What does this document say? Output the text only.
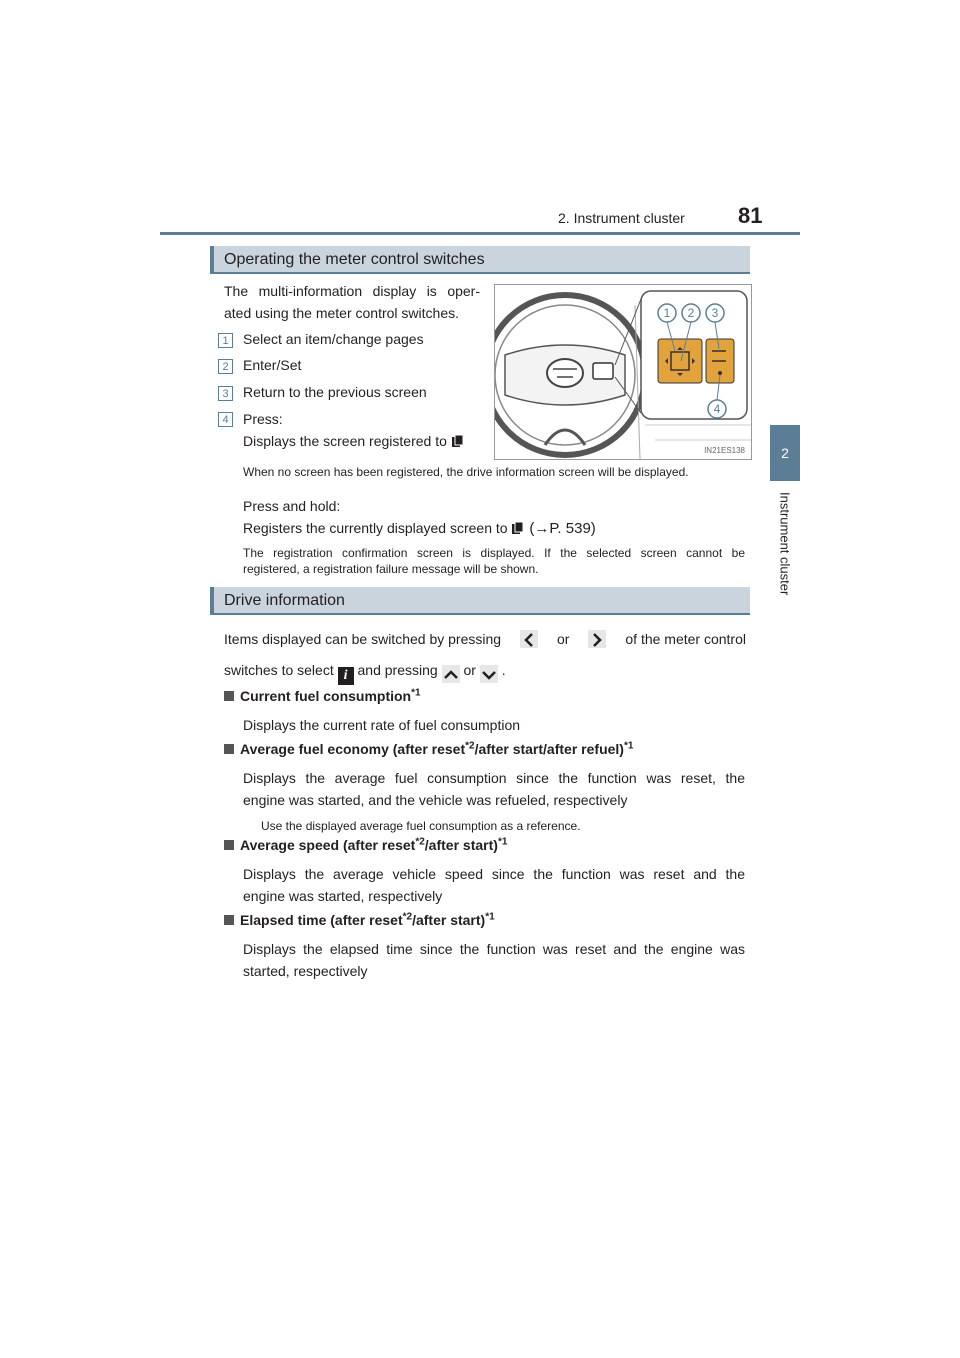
2. Instrument cluster 81
2
Instrument cluster
Operating the meter control switches
The multi-information display is oper-
ated using the meter control switches.
1	Select an item/change pages
2	Enter/Set
3	Return to the previous screen
4	Press:
Displays the screen registered to
When no screen has been registered, the drive information screen will be displayed.
Press and hold:
Registers the currently displayed screen to (→P. 539)
The registration confirmation screen is displayed. If the selected screen cannot be
registered, a registration failure message will be shown.
1 2 3
4
IN21ES138
Drive information
Items displayed can be switched by pressing	or	of the meter control
switches to select i and pressing or .
Current fuel consumption$^{*1}$
Displays the current rate of fuel consumption
Average fuel economy (after reset$^{*2}$/after start/after refuel)$^{*1}$
Displays the average fuel consumption since the function was reset, the
engine was started, and the vehicle was refueled, respectively
Use the displayed average fuel consumption as a reference.
Average speed (after reset$^{*2}$/after start)$^{*1}$
Displays the average vehicle speed since the function was reset and the
engine was started, respectively
Elapsed time (after reset$^{*2}$/after start)$^{*1}$
Displays the elapsed time since the function was reset and the engine was
started, respectively
